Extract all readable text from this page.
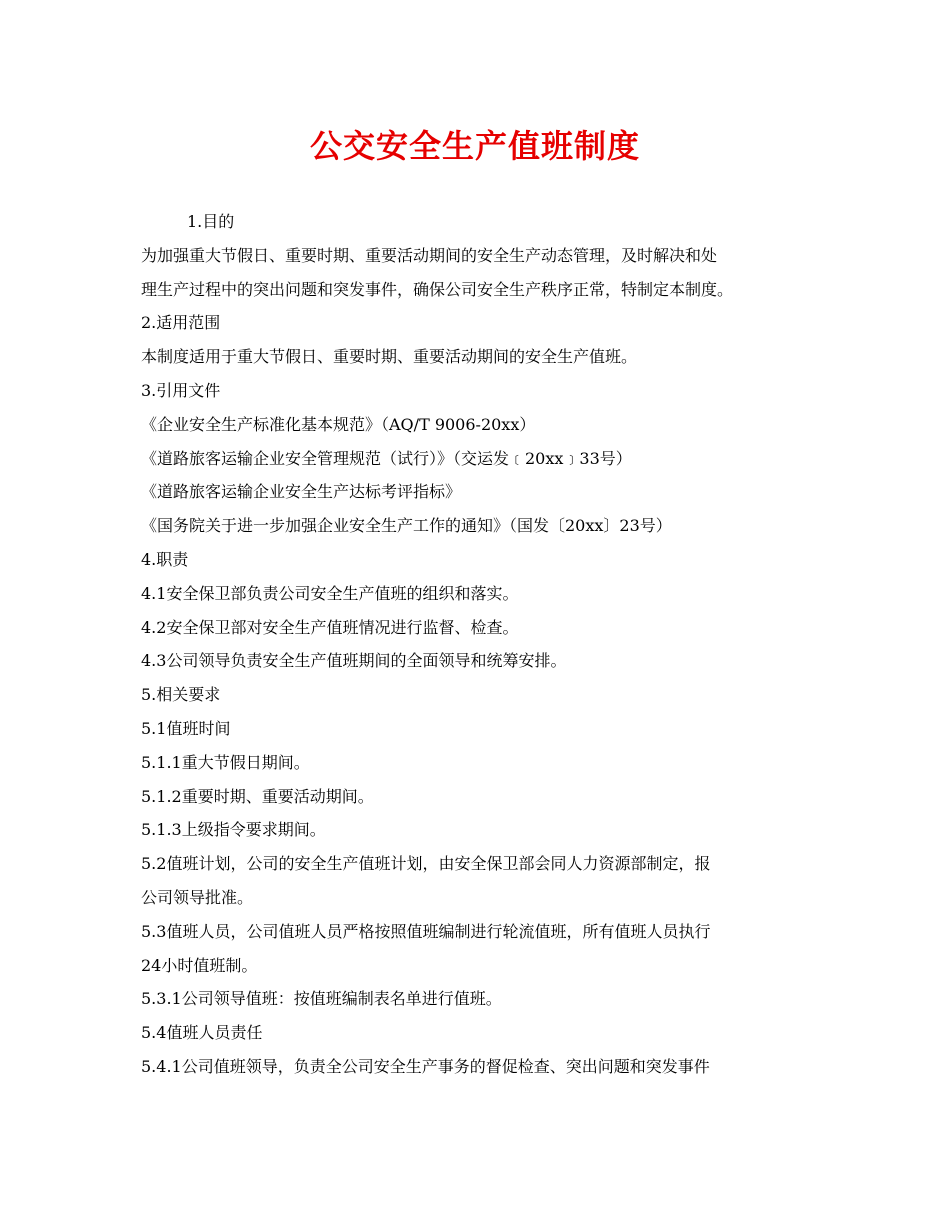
公交安全生产值班制度
1.目的
为加强重大节假日、重要时期、重要活动期间的安全生产动态管理，及时解决和处
理生产过程中的突出问题和突发事件，确保公司安全生产秩序正常，特制定本制度。
2.适用范围
本制度适用于重大节假日、重要时期、重要活动期间的安全生产值班。
3.引用文件
《企业安全生产标准化基本规范》（AQ/T 9006-20xx）
《道路旅客运输企业安全管理规范（试行）》（交运发﹝20xx﹞33号）
《道路旅客运输企业安全生产达标考评指标》
《国务院关于进一步加强企业安全生产工作的通知》（国发〔20xx〕23号）
4.职责
4.1安全保卫部负责公司安全生产值班的组织和落实。
4.2安全保卫部对安全生产值班情况进行监督、检查。
4.3公司领导负责安全生产值班期间的全面领导和统筹安排。
5.相关要求
5.1值班时间
5.1.1重大节假日期间。
5.1.2重要时期、重要活动期间。
5.1.3上级指令要求期间。
5.2值班计划，公司的安全生产值班计划，由安全保卫部会同人力资源部制定，报
公司领导批准。
5.3值班人员，公司值班人员严格按照值班编制进行轮流值班，所有值班人员执行
24小时值班制。
5.3.1公司领导值班：按值班编制表名单进行值班。
5.4值班人员责任
5.4.1公司值班领导，负责全公司安全生产事务的督促检查、突出问题和突发事件
